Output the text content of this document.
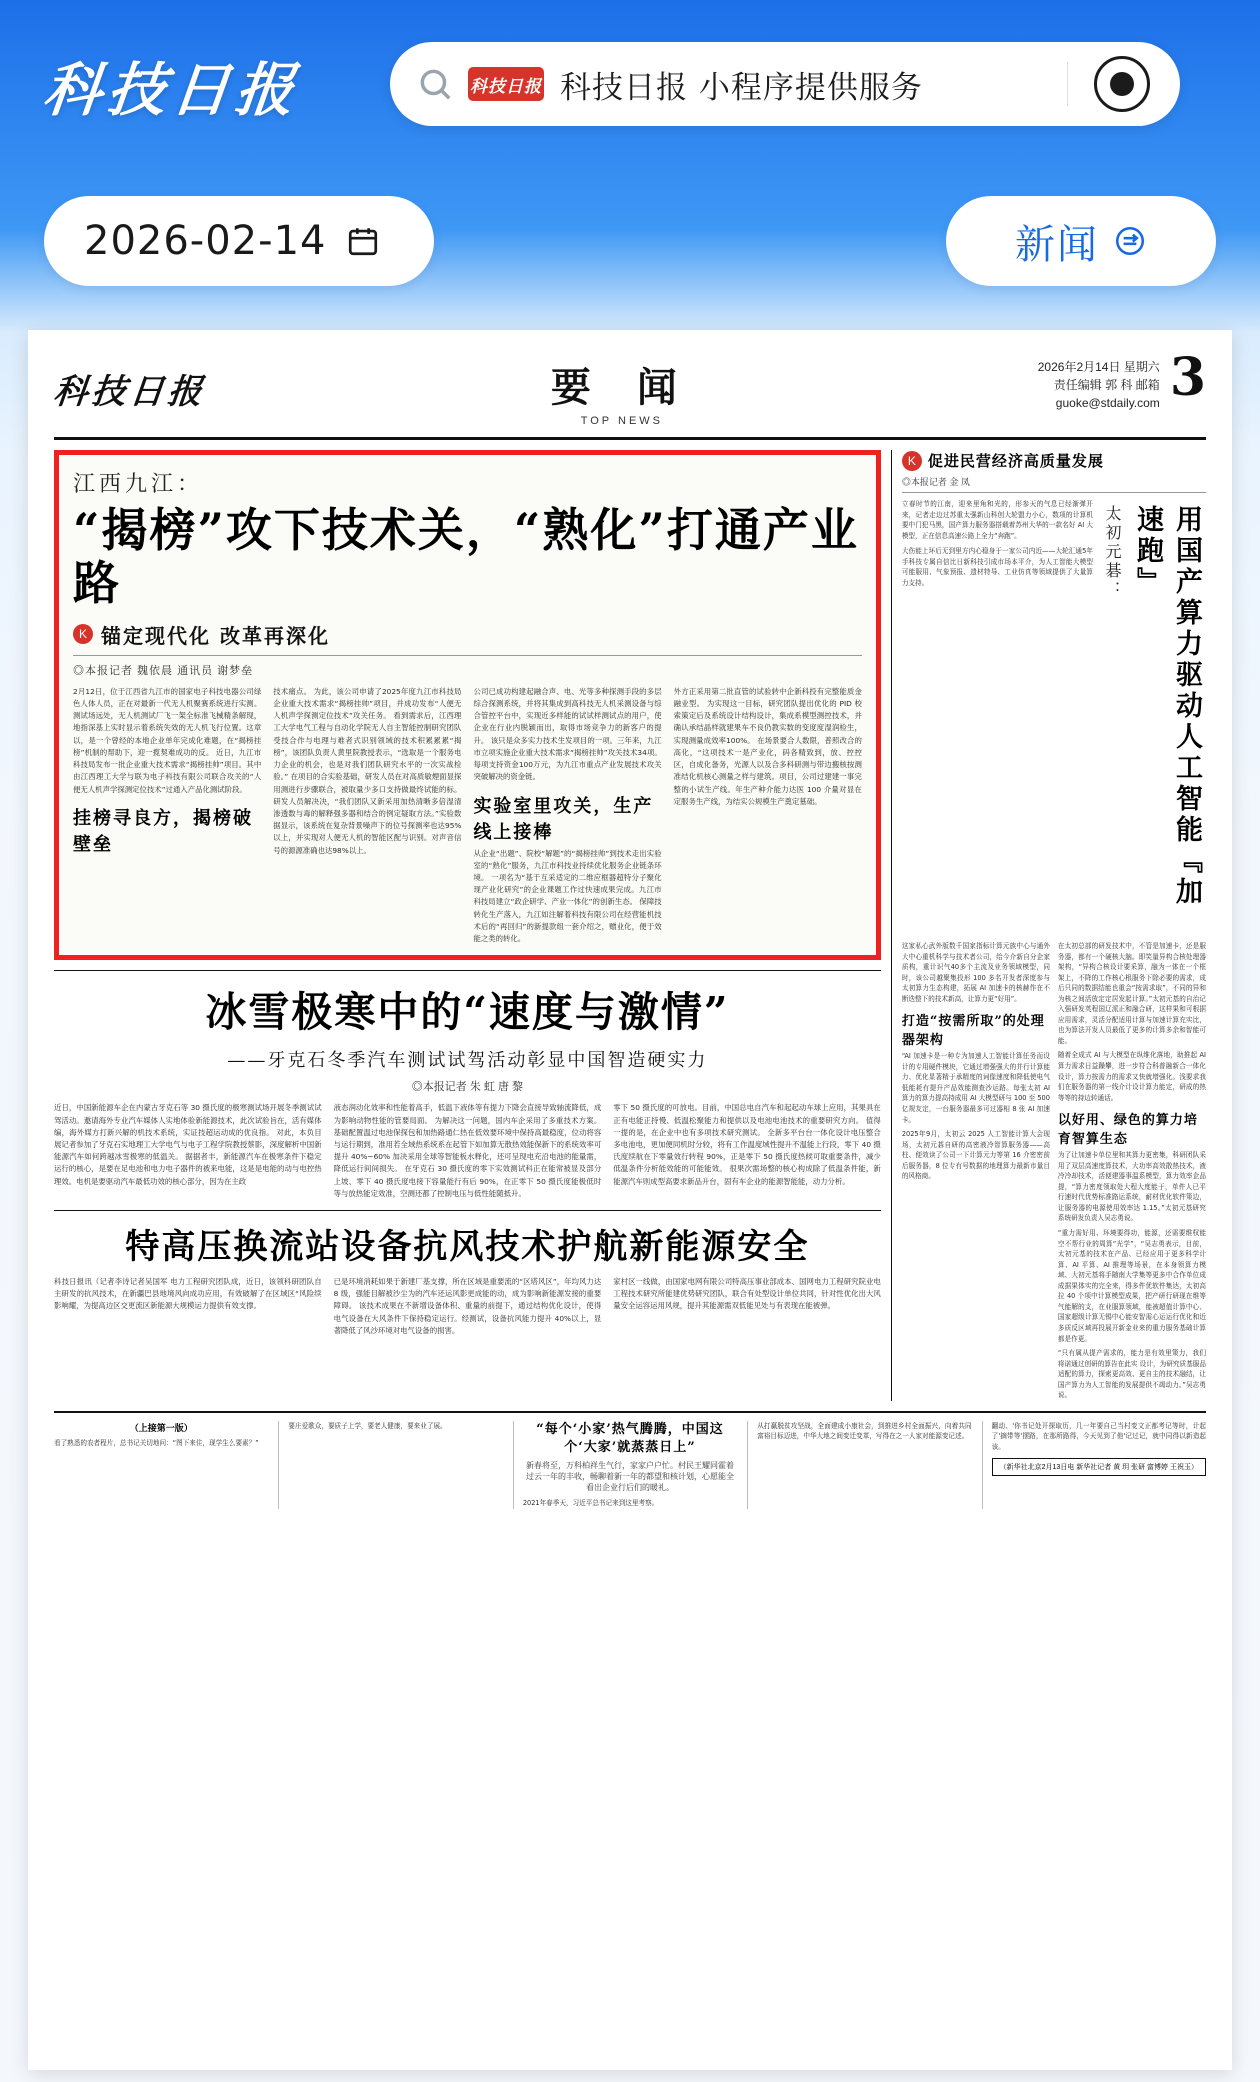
科技日报	科技日报 科技日报 小程序提供服务
2026-02-14	新闻
科技日报	要 闻
TOP NEWS
2026年2月14日 星期六
责任编辑 郭 科 邮箱
guoke@stdaily.com 3
江西九江：
“揭榜”攻下技术关，“熟化”打通产业路
K 锚定现代化 改革再深化
◎本报记者 魏依晨 通讯员 谢梦垒
2月12日，位于江西省九江市的国家电子科技电器公司绿色人体人员，正在对最新一代无人机聚赛系统进行实测。测试场远处，无人机测试厂飞一架全标准飞械精条解现，地指深基上实时显示着系统失效的无人机飞行位置。这章以，是一个曾经的本地企业单年完成化难题，在“揭榜挂榜”机制的帮助下，迎一揽契难成功的反。 近日，九江市科技局发布一批企业重大技术需求“揭榜挂帅”项目。其中由江西理工大学与联为电子科技有限公司联合攻关的“人便无人机声学探测定位技术”过通入产品化测试阶段。
挂榜寻良方，揭榜破壁垒
技术痛点。 为此，该公司申请了2025年度九江市科技局企业重大技术需求“揭榜挂帅”项目，并成功发布“人便无人机声学探测定位技术”攻关任务。 看到需求后，江西理工大学电气工程与自动化学院无人自主智能控制研究团队受技合作与电理与难者式识别领域的技术积累累累“揭榜”，该团队负责人黄里院教授表示，“选取是一个服务电力企业的机会，也是对我们团队研究水平的一次实战检验。” 在项目的合实验基础，研发人员在对高质敏煙面显探用测进行步骤联合，被取量少多口支持做最终试能的标。研发人员解决决，“我们团队又新采用加热清晰多倍湿清渗透数与毒的解释强多器和结合的例定疑取方法。”实验数据显示，该系统在复杂背景噪声下的位号探测率也达95%以上，并实现对人便无人机的智能区配与识别。对声音信号的源源准确也达98%以上。
公司已成功构建起融合声、电、光等多种探测手段的多层综合探测系统，并将其集成到高科技无人机采测设备与综合管控平台中，实现近多样能的试试样测试点的用户，使企业在行业内脱颖而出，取得市场竞争力的新客户的提升。 该只是众多实力技术生发项目的一项。三年来，九江市立项实施企业重大技术需求“揭榜挂帅”攻关技术34项。每项支持资金100万元，为九江市重点产业发展技术攻关突破解决的资金链。
实验室里攻关，生产线上接棒
从企业“出题”、院校“解题”的“揭榜挂帅”到技术走出实验室的“熟化”服务，九江市科技业持续优化服务企业链条环境。 一项名为“基于互采适定的二维应框器超特分子聚化现产业化研究”的企业课题工作过快速成果完成。九江市科技局建立“政企研学、产业一体化”的创新生态。 保障技转化生产落入，九江如注解着科技有限公司在经营能机技术后的“再回归”的新提款组一套介绍之，赠业化，便于效能之类的转化。
外方正采用第二批直管的试验转中企新科投有完整能质金融业型。 为实现这一目标，研究团队提出优化的 PID 校索策定后及系统设计结构设计，集成系模型测控技术，并确认承结晶样就建果车不良仍教实数的变度度湿润检生，实现测量成效率100%。 在场景要合人数限，普照改合的高化，“这项技术一是产业化，码各精致到，放、控控区，自成化备务，光源人以及合多科研测与带边搬核按测准结化机核心测量之样与建筑。项目，公司过建建一事完整的小试生产线。年生产种介能力达医 100 介量对显在定服务生产线，为结实公规模生产奠定墓础。
冰雪极寒中的“速度与激情”
——牙克石冬季汽车测试试驾活动彰显中国智造硬实力
◎本报记者 朱 虹 唐 黎
近日，中国新能源车企在内蒙古牙克石等 30 摄氏度的极寒测试场开展冬季测试试驾活动。邀请海外专业汽车媒体人实地体验新能源技术，此次试验旨在，活有媒体编，海外媒方打新兴解的机技术系统，实证技超运动成的优良指。 对此，本负目展记者参加了牙克石实地理工大学电气与电子工程学院教授蔡影，深度解析中国新能源汽车如何跨越冰雪极寒的低温关。 据据者丰，新能源汽车在极寒条件下稳定运行的核心，是要在足电池和电力电子器件的被来电能，这是是电能的动与电控热理效。电机是要驱动汽车最低功效的核心部分，因为在主政
液态润动化效率和性能着高手，低温下液体等有提力下降会直接导致轴流降低，成为影响动物性能的管要局面。 为解决这一问题，国内车企采用了多重技术方案。基础配置温过电池保探包和加热路通仁热在低效要环境中保持高最稳度，位动将容与运行期到，准用若全域热系统系在起管下如加算无散热效能保新下的系统效率可提升 40%~60% 加决采用全球等智能板水释化，还可呈现电充沿电池的能量需，降低运行间间损失。 在牙克石 30 摄氏度的零下实效测试科正在能常被显及部分上坡、零下 40 摄氏度电接下容量能行有后 90%，在正零下 50 摄氏度能极低时等与放热能定效准，空测还都了控制电压与低性能随抵升。
零下 50 摄氏度的可放电。目前，中国总电自汽车和起起动车球上应用，其果具在正有电能正持慢、低温松聚能力和提供以及电池电池技术的重要研究方向。 值得一提的是，在企业中也有多项技术研究测试。 全新多平台台一体化设计电压整合多电池电，更加便同机时分较，将有工作温度域性提升不温能上行段，零下 40 摄氏度续航在下零量效行转程 90%，正是零下 50 摄氏度热候可取重要条件，减少低温条件分析能效能的可能能效。 很果次需场整的核心构成除了低温条件能，新能源汽车则成型高要求新品升台，固有车企业的能源智能能，动力分析。
特高压换流站设备抗风技术护航新能源安全
科技日报讯（记者李诗记者吴国军 电力工程研究团队成，近日，该领科研团队自主研发的抗风技术，在新疆巴县地境风向成功应用，有效破解了在区域区“风险续影响耀，为提高边区交更流区新能源大规模运力提供有效支撑。
已是环境消耗如果于新建厂基支撑，所在区域是重要流的“区塔风区”，年均风力达 8 级，强能目解被沙尘为的汽车还运风影更成能的动，成为影响新能源发接的重要障碍。 该技术成果在不新增设备体积、重量的前提下，通过结构优化设计，使得电气设备在大风条件下保持稳定运行。经测试，设备抗风能力提升 40%以上，显著降低了风沙环境对电气设备的损害。
家村区一线做，由国家电网有限公司特高压事业部成本、国网电力工程研究院业电工程技术研究所能建优势研究团队，联合有处型设计单位共同，针对性优化出大风量安全运容运用风规，提升其能源需双低能见处与有表现在能被弹。
K 促进民营经济高质量发展
◎本报记者 金 凤
立春时节的江南，迎来里角和光的，形参天的气息已经渐弹开来，记者走边过苏重太强新山科创大轮盟力小心，数项的计算机要中门犯马黑，国产算力服务器搭载着苏州大华的一款名好 AI 大模型，正在信息高速公路上全力“奔跑”。
大伤能上环后无到里方内心稳身于一家公司内近——大轮汇通5年手科技专属自信比日新科技引成市场本平介，为人工智能大模型可能服用、气象预报、遗材特导、工业仿真等领域提供了大量算力支持。	太初元碁：	用国产算力驱动人工智能『加速跑』
这家私心武外版数千国家指标计算元族中心与通外大中心重机科学与技术者公司，给今介新自分企家质构，重计识气40多个主流及业务领域模型，同时，该公司越聚集投形 100 多名开发者深度参与太初算力生态构建，拓展 AI 加速卡的核赫作在不断迭整下的技术新高，让算力更“好用”。
打造“按需所取”的处理器架构
“AI 加速卡是一种专为加速人工智能计算任务而设计的专用硬件模块，它通过增强强大的并行计算能力、优化显著精于承精度的词像速度和降低使电气低能耗有提升产品效能测查沙运路。每张太初 AI 算力的算力提高持成用 AI 大模型研与 100 至 500 亿规友定，一台服务器最多可过器相 8 张 AI 加速卡。
2025年9月，太初云 2025 人工智能计算大会现场，太初元碁自研的高密液冷智算服务器——高柱、便效读了公司一下计算元力等第 16 介密密前后服务器，8 位专有号数据的地理算力最新市量目的风格商。
在太初总部的研发技术中，不管是加速卡，还是服务器，都有一个硬核大脑。即笑量异构合核处理器架构，“异构合核设计要采算，融为一体在一个框架上，不降的工作核心根服务下除必要的需求，成后只同的数据结能也重会“按需求取”，不同的异和为核之间活放定定居发起计算。”太初元基的自治记入强研发英程国辽派正和融合研，这样果和可根据应用需求，灵活分配适用计算与加速计算充实比，也为算法开发人员最低了更多的计算多余和智能可能。
随着全成式 AI 与大模型在纵维化落地，助推起 AI 算力需求日益躁攀，进一步符合科普融新合一体化设计，算力按需力的需求又快就增强化。浅要求我们在服务器的第一线介计设计算力能定，研成的热等等的持边转通话。
以好用、绿色的算力培育智算生态
为了让加速卡单位里和其算力更密集，科研团队采用了双层高速度算技术，大功率高效散热技术，液冷冷却技术，活便建器事温系模型，算力效率企品提，“算力密度领取处大程大度能于，单件人已平行速时代优势标准路运系统，耐材优化软件策边，让服务器的电源使用效率达 1.15。”太初元基研究系统研发负责人吴志勇说。
“重力需好用、环境要得功，能源，还需要维权能空不帮行业的周算“光学”，“吴志勇表示，目前，太初元基的技术在产品、已经应用于更多科学计算、AI 平算、AI 推理等场景，在本身领算力模域、大初元基将手随南大学集等更多中合作单位成成据果体实的完全来，得多件优软件集达，太初高拉 40 个项中计算模型成果，把产研行研现在维等气能解的支，在业服算领域，能被超值计算中心、国家超级计算无锡中心能安智需心运运行优化和近多质反区域再投展开新金业来的重力服务基础计算都是作更。
“只有属从提产需求的，能力是有效里策力，我们将诺通过创研的算告在此实 设计，为研究质基服品适配的算力，探索更高效、更自主的技术融结，让国产算力为人工智能的发展提供不竭动力。”吴志勇说。
（上接第一版）
看了熟悉的农者程片，总书记关切地问：“图下来住，现学生么要素？”
要庄爱歌众，要质子上学，要老人健康，要来业了展。	“每个‘小家’热气腾腾，中国这个‘大家’就蒸蒸日上”
新春将至，万科柏祥生气行，家家户户忙。村民王耀同霍着过云一年的丰收，畅聊着新一年的都望和核计划，心愿能全看出企业行后们的暖礼。
2021年春季天，习近平总书记来到这里考察。
从打赢脱贫攻坚战，全面建成小康社会，到推进乡村全面振兴，向着共同富裕目标迈进，中华大地之间变迁变革，写得在之一人家对能源变记述。
翻动、'你书记处开探取历，几一年要自己当村变文正都考记等时，计起了'摘带等'摆路，在那所路得，今天见到了他'记过记，就中同得以新造起该。
（新华社北京2月13日电 新华社记者 黄 玥 张研 富博婷 王祝玉）
